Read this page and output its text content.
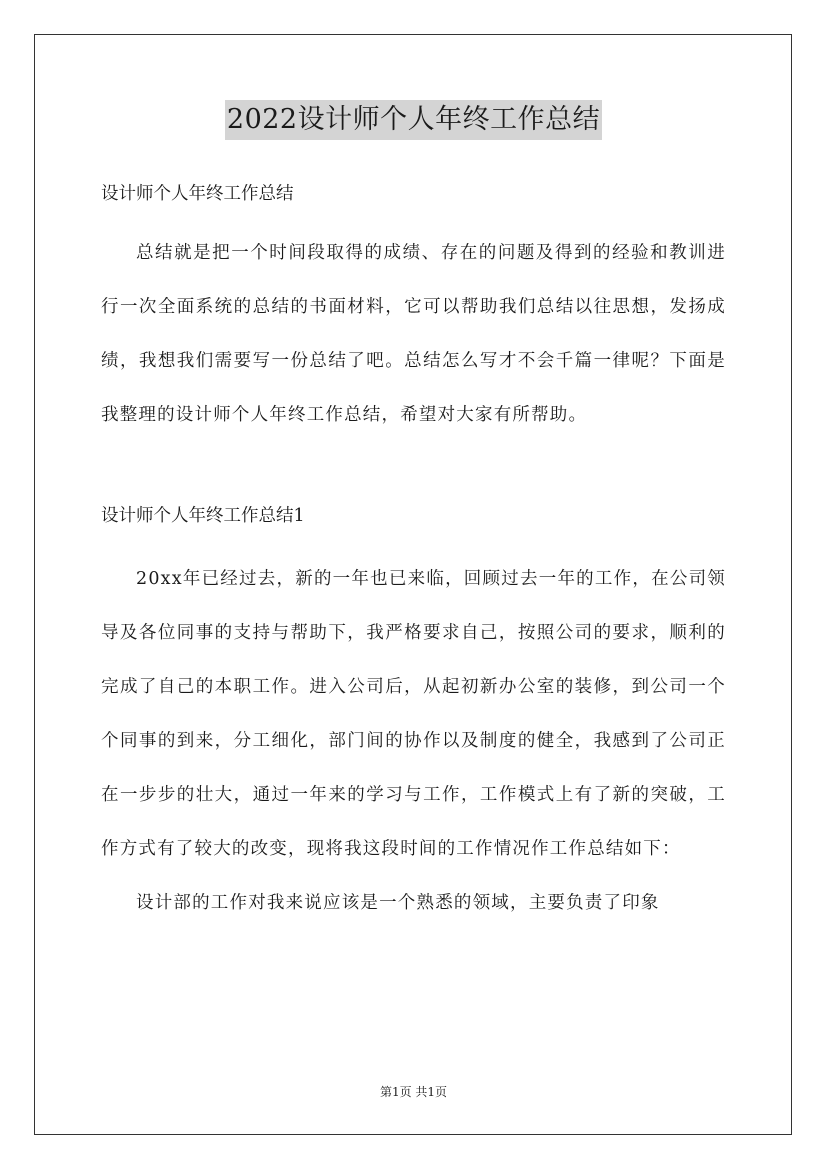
2022设计师个人年终工作总结
设计师个人年终工作总结
总结就是把一个时间段取得的成绩、存在的问题及得到的经验和教训进行一次全面系统的总结的书面材料，它可以帮助我们总结以往思想，发扬成绩，我想我们需要写一份总结了吧。总结怎么写才不会千篇一律呢？下面是我整理的设计师个人年终工作总结，希望对大家有所帮助。
设计师个人年终工作总结1
20xx年已经过去，新的一年也已来临，回顾过去一年的工作，在公司领导及各位同事的支持与帮助下，我严格要求自己，按照公司的要求，顺利的完成了自己的本职工作。进入公司后，从起初新办公室的装修，到公司一个个同事的到来，分工细化，部门间的协作以及制度的健全，我感到了公司正在一步步的壮大，通过一年来的学习与工作，工作模式上有了新的突破，工作方式有了较大的改变，现将我这段时间的工作情况作工作总结如下：
设计部的工作对我来说应该是一个熟悉的领域，主要负责了印象
第1页 共1页
